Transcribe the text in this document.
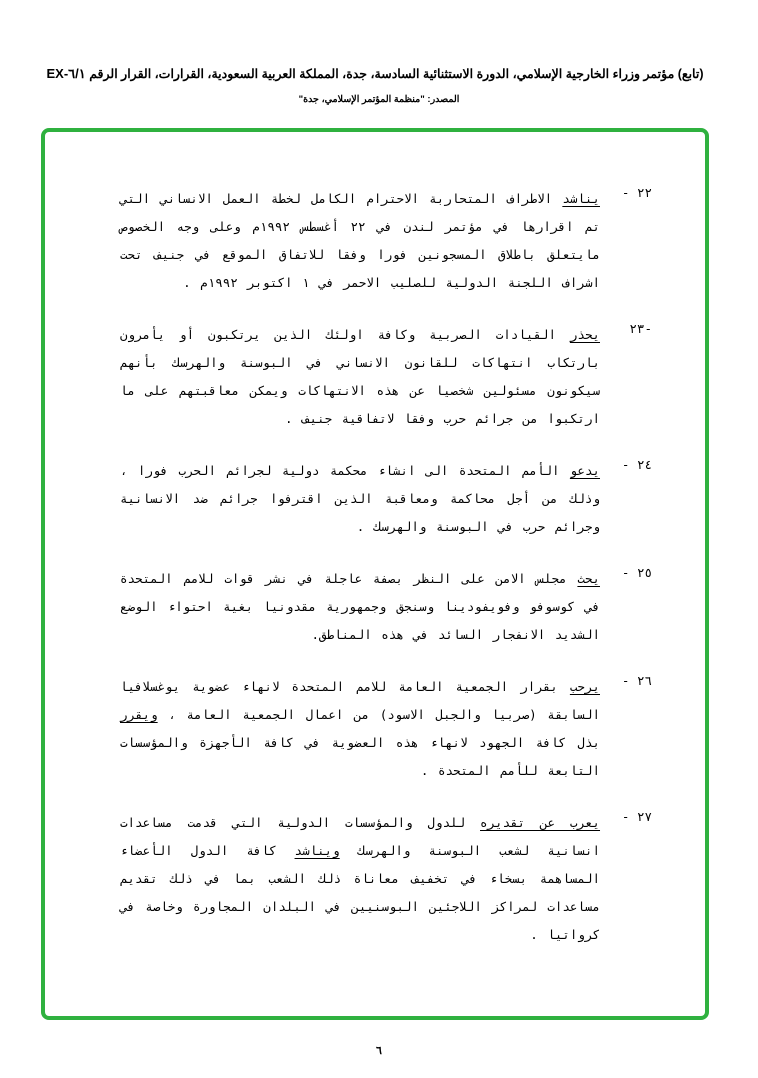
(تابع) مؤتمر وزراء الخارجية الإسلامي، الدورة الاستثنائية السادسة، جدة، المملكة العربية السعودية، القرارات، القرار الرقم EX-٦/١
المصدر: "منظمة المؤتمر الإسلامي، جدة"
٢٢ -
يناشد الاطراف المتحاربة الاحترام الكامل لخطة العمل الانساني التي تم اقرارها في مؤتمر لندن في ٢٢ أغسطس ١٩٩٢م وعلى وجه الخصوص مايتعلق باطلاق المسجونين فورا وفقا للاتفاق الموقع في جنيف تحت اشراف اللجنة الدولية للصليب الاحمر في ١ اكتوبر ١٩٩٢م .
-٢٣
يحذر القيادات الصربية وكافة اولئك الذين يرتكبون أو يأمرون بارتكاب انتهاكات للقانون الانساني في البوسنة والهرسك بأنهم سيكونون مسئولين شخصيا عن هذه الانتهاكات ويمكن معاقبتهم على ما ارتكبوا من جرائم حرب وفقا لاتفاقية جنيف .
٢٤ -
يدعو الأمم المتحدة الى انشاء محكمة دولية لجرائم الحرب فورا ، وذلك من أجل محاكمة ومعاقبة الذين اقترفوا جرائم ضد الانسانية وجرائم حرب في البوسنة والهرسك .
٢٥ -
يحث مجلس الامن على النظر بصفة عاجلة في نشر قوات للامم المتحدة في كوسوفو وفويفودينا وسنجق وجمهورية مقدونيا بغية احتواء الوضع الشديد الانفجار السائد في هذه المناطق.
٢٦ -
يرحب بقرار الجمعية العامة للامم المتحدة لانهاء عضوية يوغسلافيا السابقة (صربيا والجبل الاسود) من اعمال الجمعية العامة ، ويقرر بذل كافة الجهود لانهاء هذه العضوية في كافة الأجهزة والمؤسسات التابعة للأمم المتحدة .
٢٧ -
يعرب عن تقديره للدول والمؤسسات الدولية التي قدمت مساعدات انسانية لشعب البوسنة والهرسك ويناشد كافة الدول الأعضاء المساهمة بسخاء في تخفيف معاناة ذلك الشعب بما في ذلك تقديم مساعدات لمراكز اللاجئين البوسنيين في البلدان المجاورة وخاصة في كرواتيا .
٦
